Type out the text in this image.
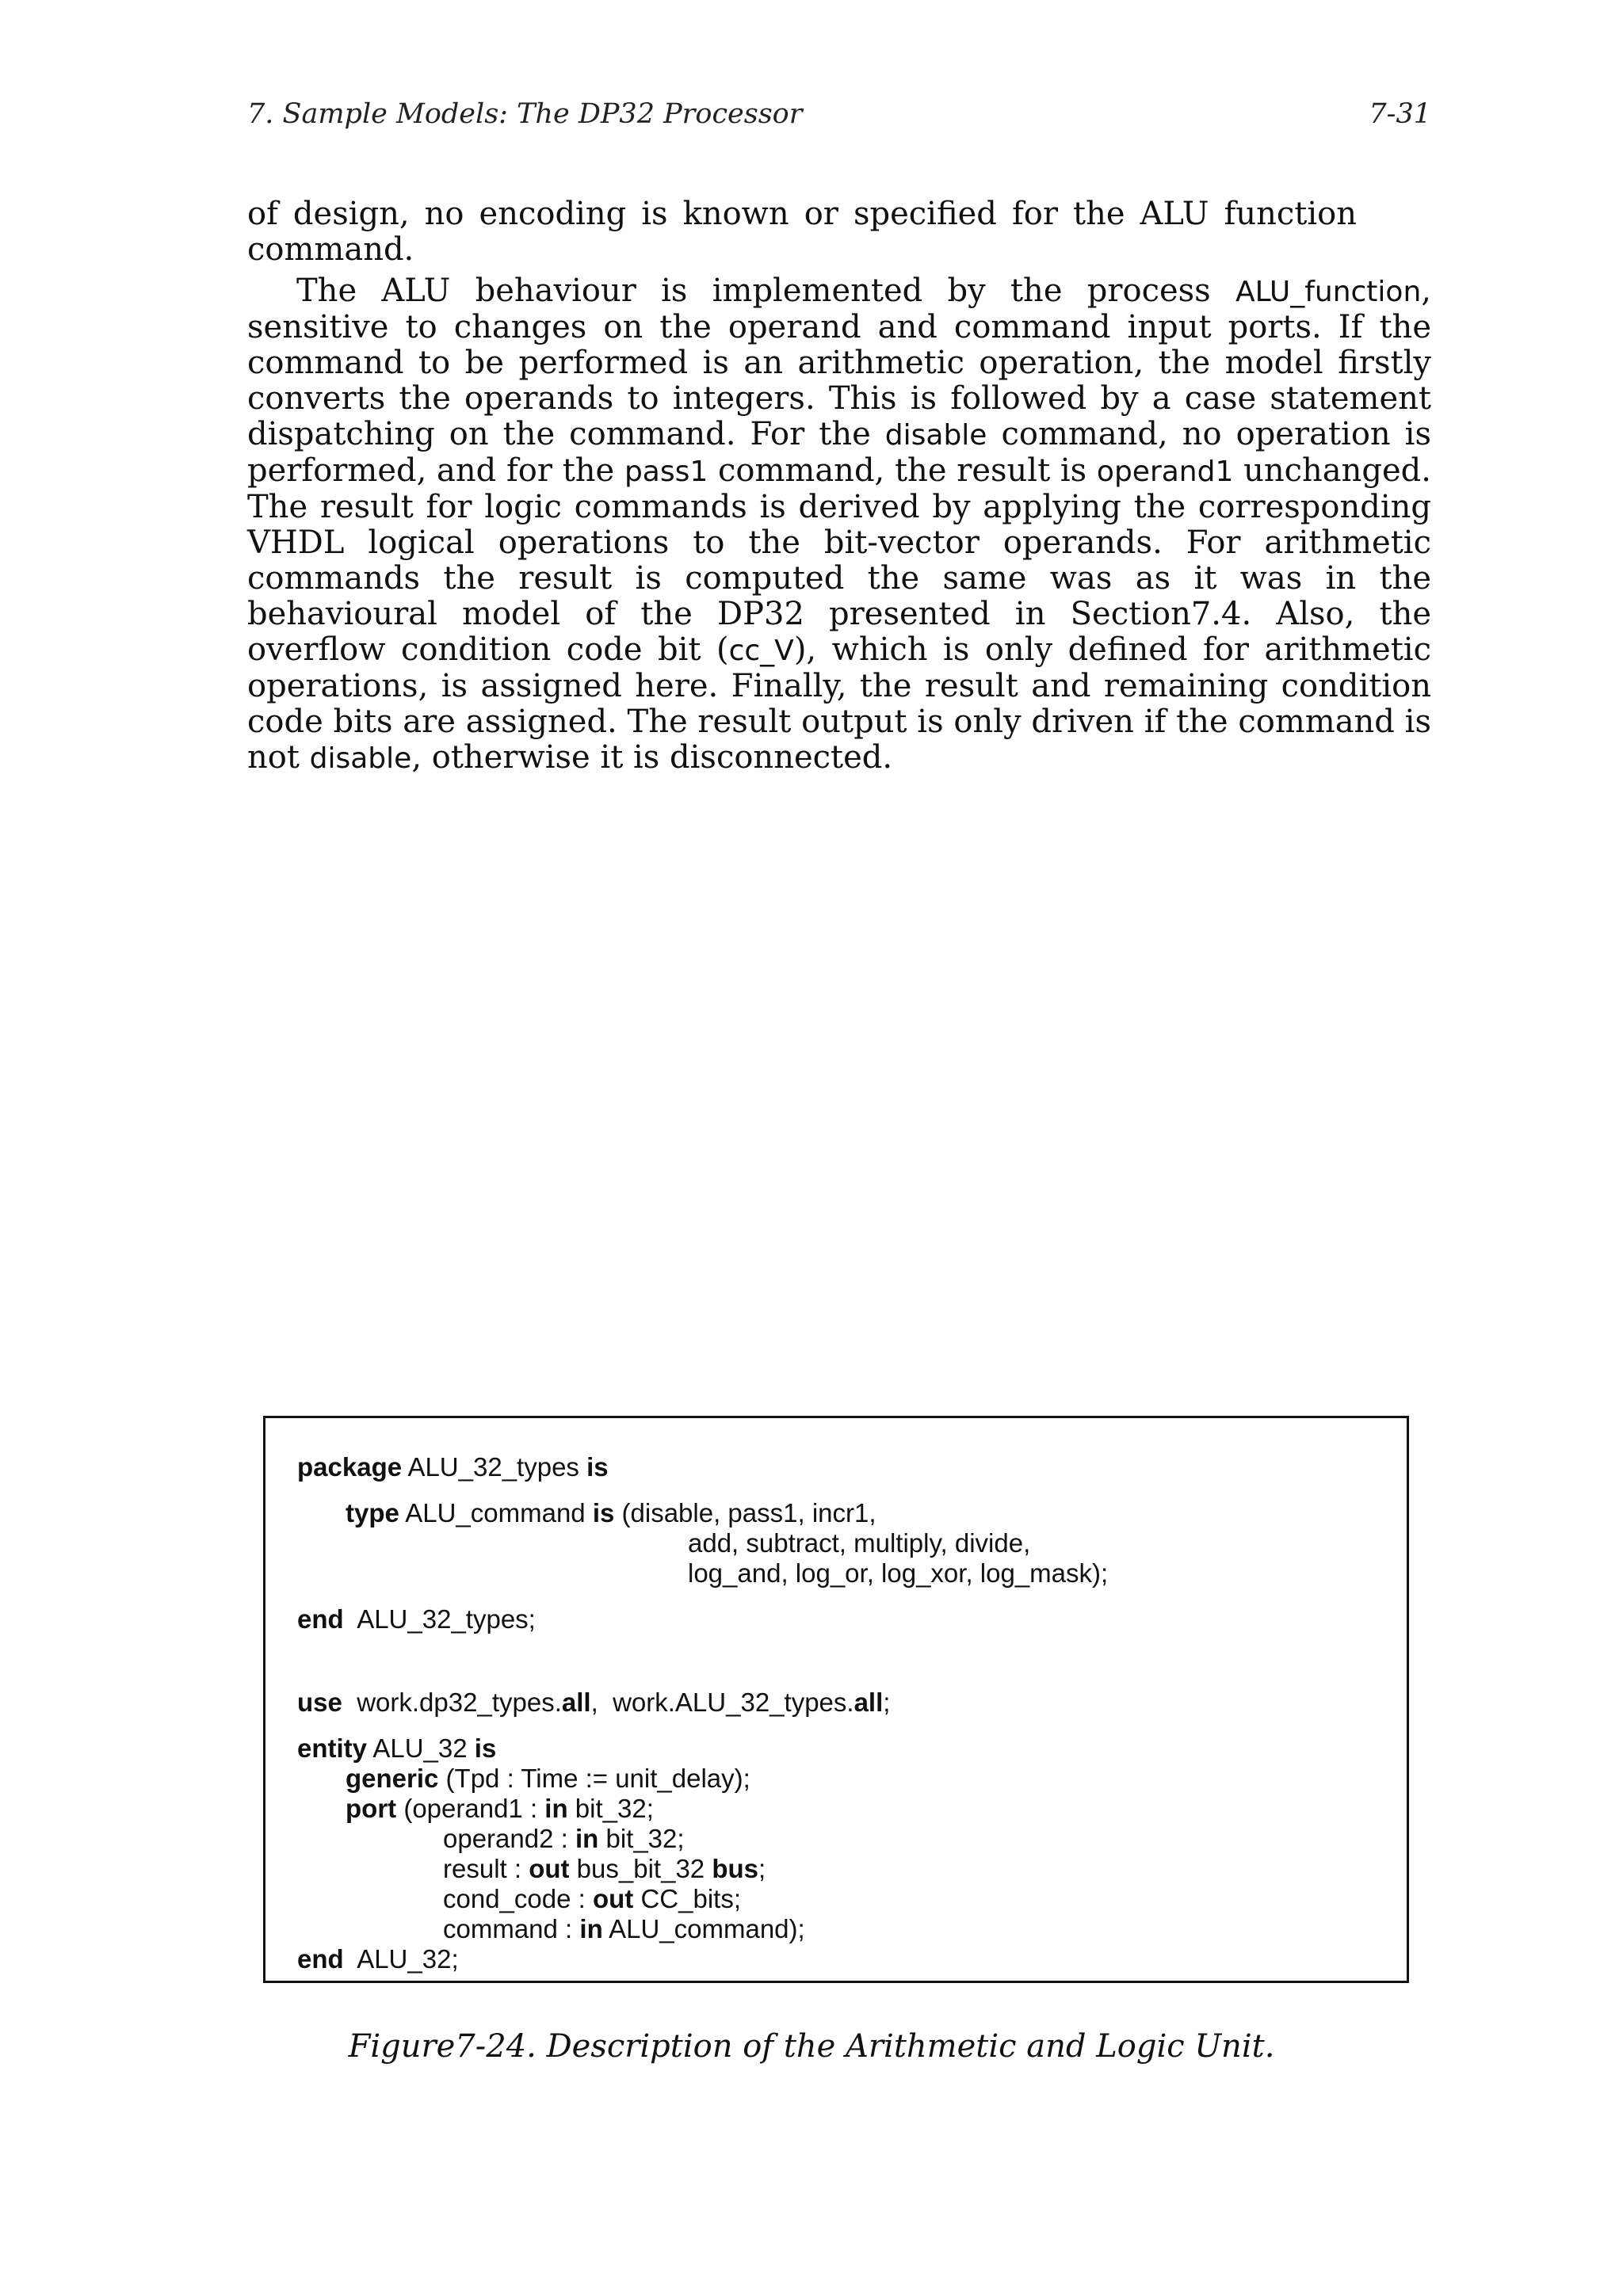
7. Sample Models: The DP32 Processor	7-31

of design, no encoding is known or specified for the ALU function command.

The ALU behaviour is implemented by the process ALU_function, sensitive to changes on the operand and command input ports. If the command to be performed is an arithmetic operation, the model firstly converts the operands to integers. This is followed by a case statement dispatching on the command. For the disable command, no operation is performed, and for the pass1 command, the result is operand1 unchanged. The result for logic commands is derived by applying the corresponding VHDL logical operations to the bit-vector operands. For arithmetic commands the result is computed the same was as it was in the behavioural model of the DP32 presented in Section7.4. Also, the overflow condition code bit (cc_V), which is only defined for arithmetic operations, is assigned here. Finally, the result and remaining condition code bits are assigned. The result output is only driven if the command is not disable, otherwise it is disconnected.

package ALU_32_types is
type ALU_command is (disable, pass1, incr1,
add, subtract, multiply, divide,
log_and, log_or, log_xor, log_mask);
end  ALU_32_types;
use  work.dp32_types.all,  work.ALU_32_types.all;
entity ALU_32 is
generic (Tpd : Time := unit_delay);
port (operand1 : in bit_32;
operand2 : in bit_32;
result : out bus_bit_32 bus;
cond_code : out CC_bits;
command : in ALU_command);
end  ALU_32;
Figure7-24. Description of the Arithmetic and Logic Unit.
